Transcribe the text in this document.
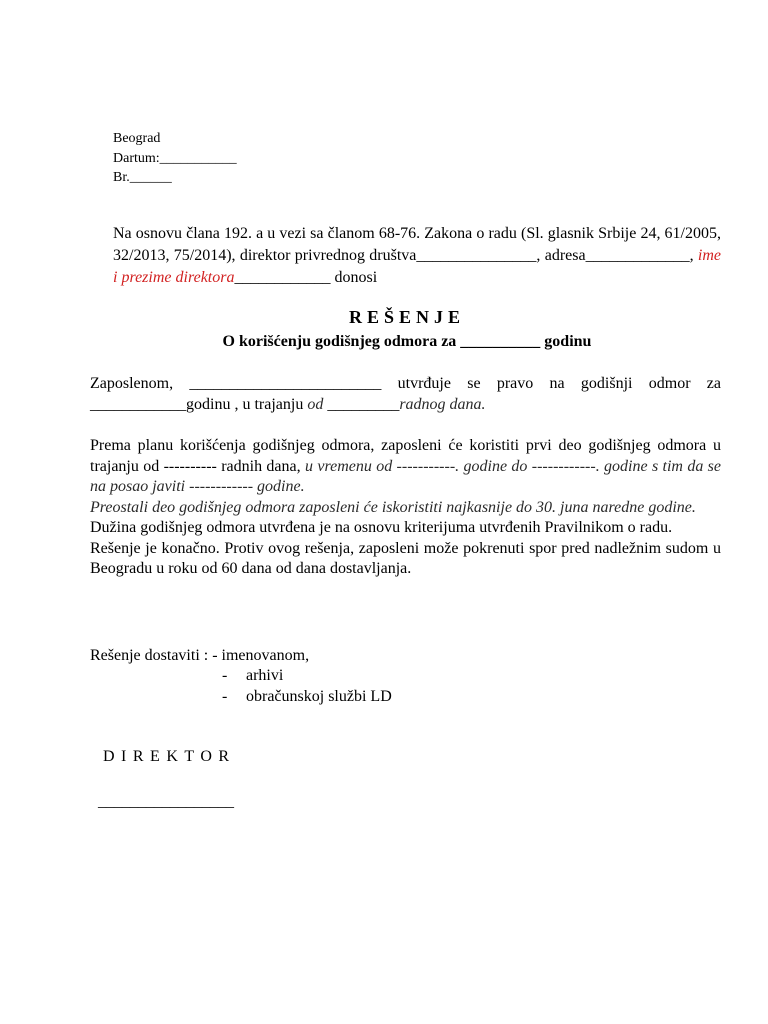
Beograd
Dartum:___________
Br.______
Na osnovu člana 192. a u vezi sa članom 68-76. Zakona o radu (Sl. glasnik Srbije 24, 61/2005, 32/2013, 75/2014), direktor privrednog društva_______________, adresa_____________, ime i prezime direktora____________ donosi
REŠENJE
O korišćenju godišnjeg odmora za __________ godinu
Zaposlenom, ________________________ utvrđuje se pravo na godišnji odmor za ____________godinu , u trajanju od _________radnog dana.

Prema planu korišćenja godišnjeg odmora, zaposleni će koristiti prvi deo godišnjeg odmora u trajanju od ---------- radnih dana, u vremenu od -----------. godine do ------------. godine s tim da se na posao javiti ------------ godine.

Preostali deo godišnjeg odmora zaposleni će iskoristiti najkasnije do 30. juna naredne godine.

Dužina godišnjeg odmora utvrđena je na osnovu kriterijuma utvrđenih Pravilnikom o radu.

Rešenje je konačno. Protiv ovog rešenja, zaposleni može pokrenuti spor pred nadležnim sudom u Beogradu u roku od 60 dana od dana dostavljanja.

Rešenje dostaviti : - imenovanom,
- arhivi
- obračunskoj službi LD
DIREKTOR
_________________
